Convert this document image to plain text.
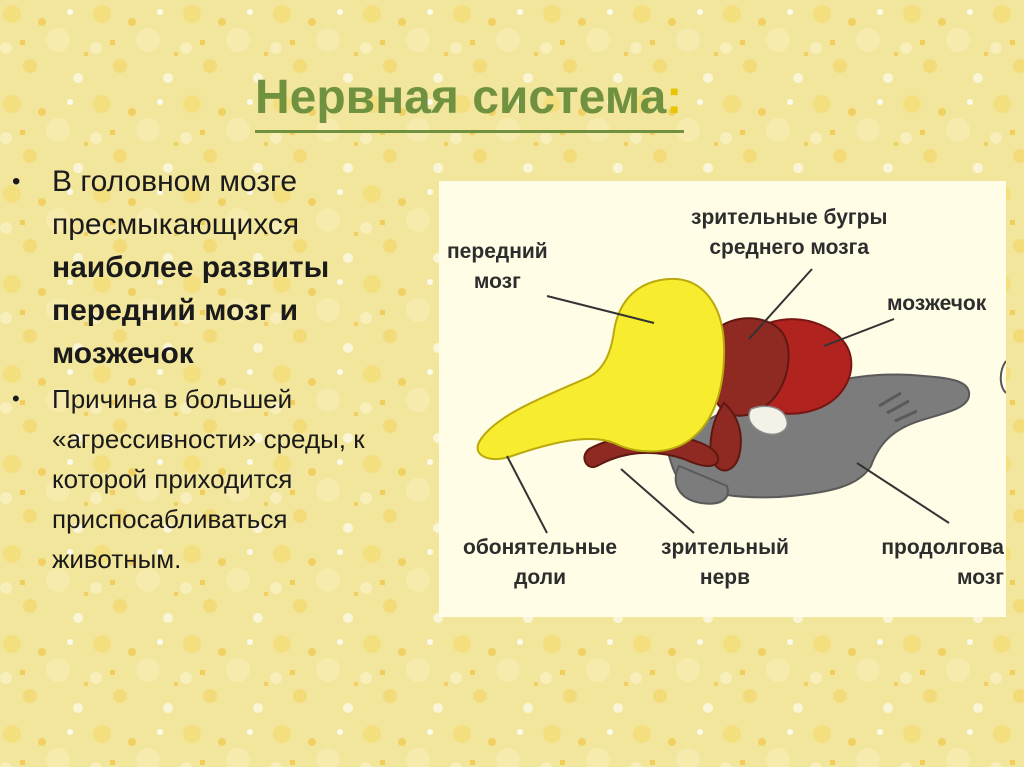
Нервная система:
•	В головном мозге
пресмыкающихся
наиболее развиты
передний мозг и
мозжечок
•	Причина в большей
«агрессивности» среды, к
которой приходится
приспосабливаться
животным.
передний
мозг
зрительные бугры
среднего мозга
мозжечок
обонятельные
доли
зрительный
нерв
продолгова
мозг
